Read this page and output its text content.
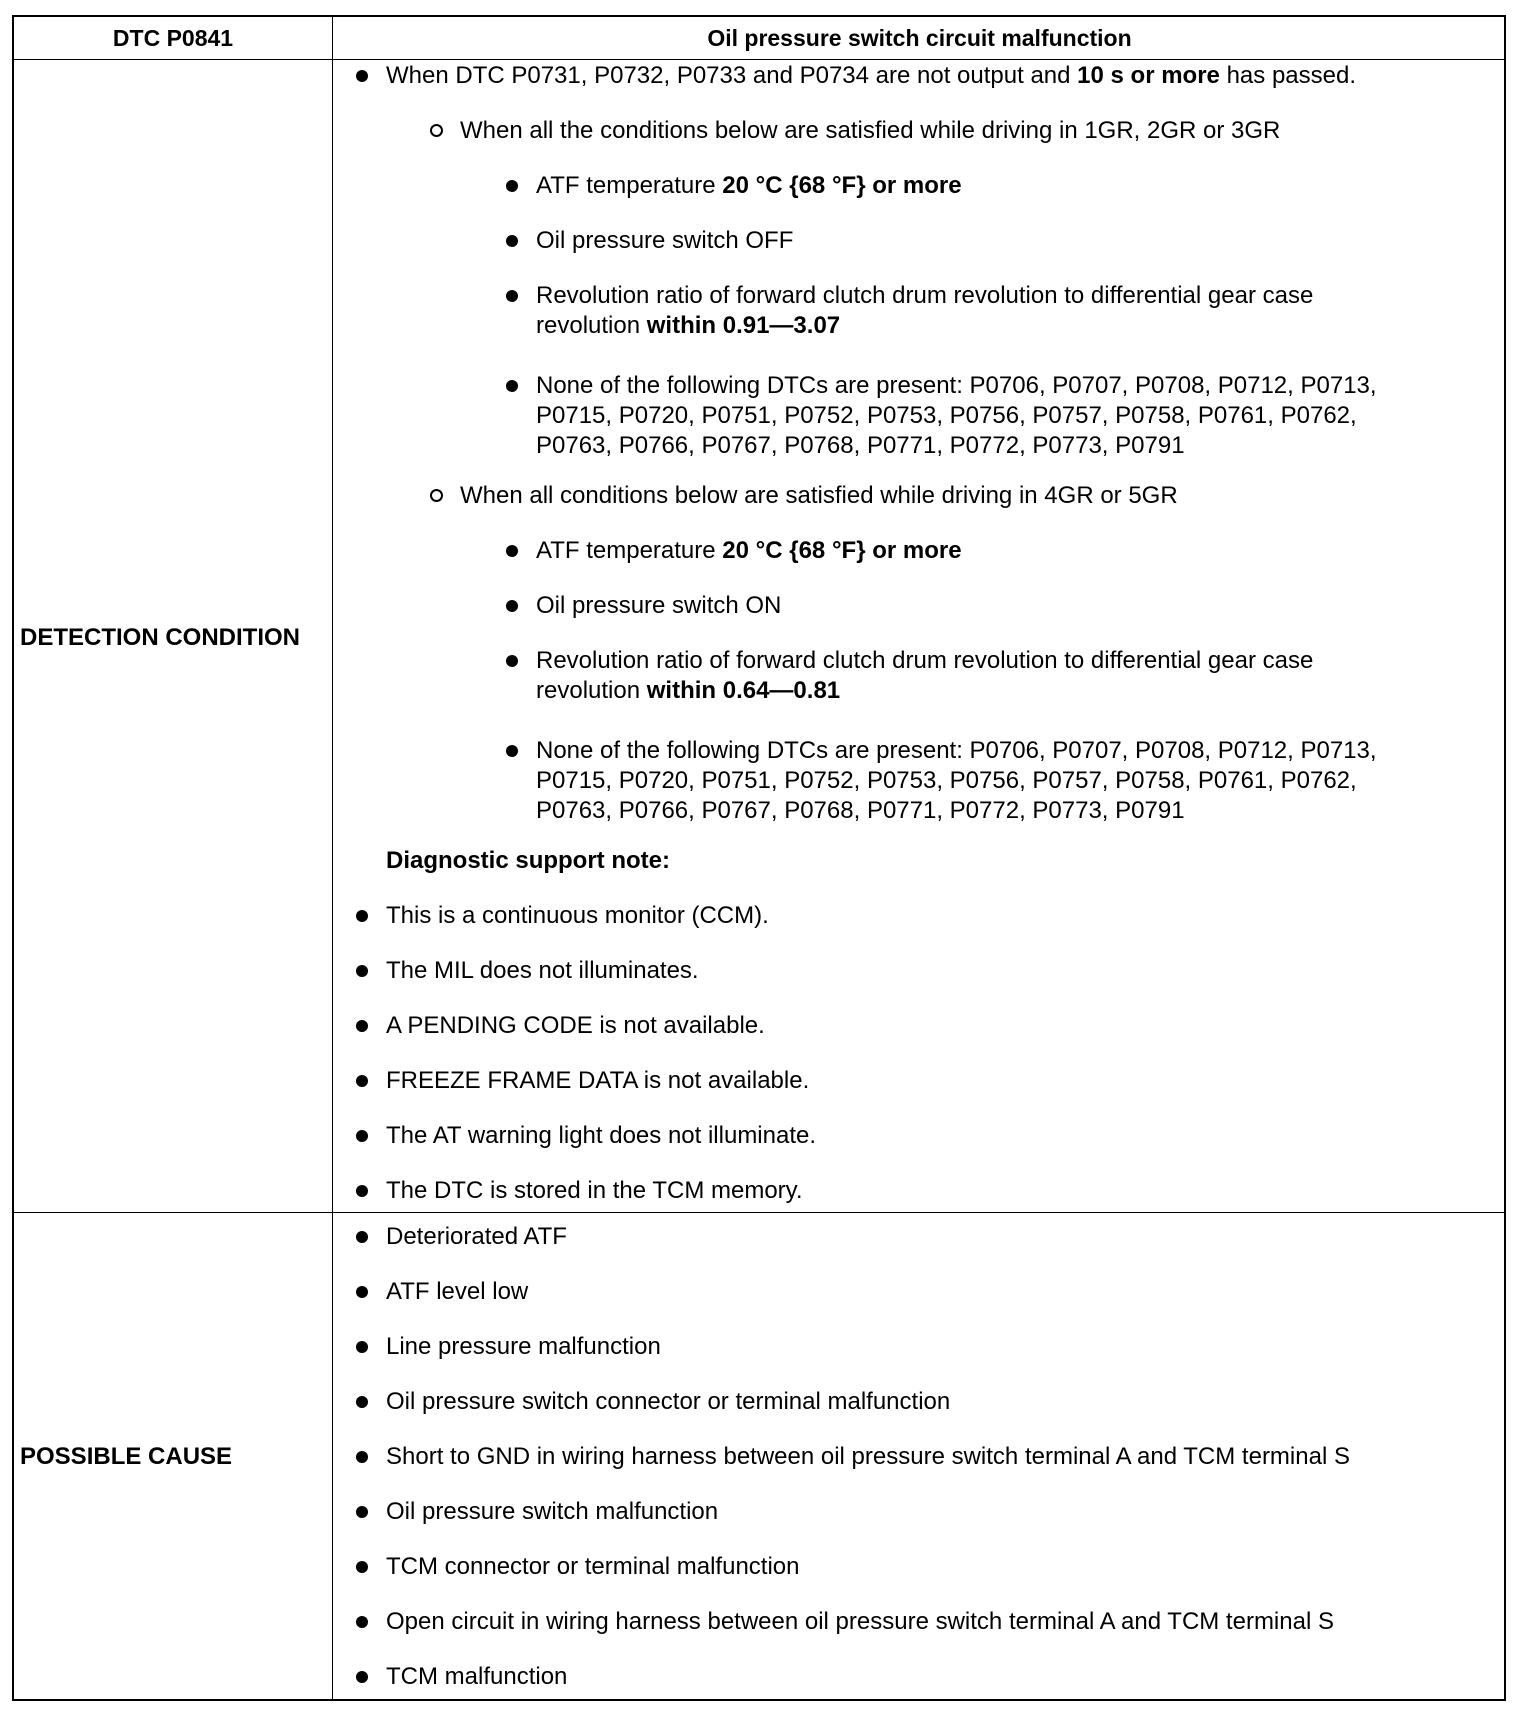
DTC P0841	Oil pressure switch circuit malfunction
DETECTION CONDITION
POSSIBLE CAUSE
When DTC P0731, P0732, P0733 and P0734 are not output and 10 s or more has passed.
When all the conditions below are satisfied while driving in 1GR, 2GR or 3GR
ATF temperature 20 °C {68 °F} or more
Oil pressure switch OFF
Revolution ratio of forward clutch drum revolution to differential gear case
revolution within 0.91—3.07
None of the following DTCs are present: P0706, P0707, P0708, P0712, P0713,
P0715, P0720, P0751, P0752, P0753, P0756, P0757, P0758, P0761, P0762,
P0763, P0766, P0767, P0768, P0771, P0772, P0773, P0791
When all conditions below are satisfied while driving in 4GR or 5GR
ATF temperature 20 °C {68 °F} or more
Oil pressure switch ON
Revolution ratio of forward clutch drum revolution to differential gear case
revolution within 0.64—0.81
None of the following DTCs are present: P0706, P0707, P0708, P0712, P0713,
P0715, P0720, P0751, P0752, P0753, P0756, P0757, P0758, P0761, P0762,
P0763, P0766, P0767, P0768, P0771, P0772, P0773, P0791
Diagnostic support note:
This is a continuous monitor (CCM).
The MIL does not illuminates.
A PENDING CODE is not available.
FREEZE FRAME DATA is not available.
The AT warning light does not illuminate.
The DTC is stored in the TCM memory.
Deteriorated ATF
ATF level low
Line pressure malfunction
Oil pressure switch connector or terminal malfunction
Short to GND in wiring harness between oil pressure switch terminal A and TCM terminal S
Oil pressure switch malfunction
TCM connector or terminal malfunction
Open circuit in wiring harness between oil pressure switch terminal A and TCM terminal S
TCM malfunction
